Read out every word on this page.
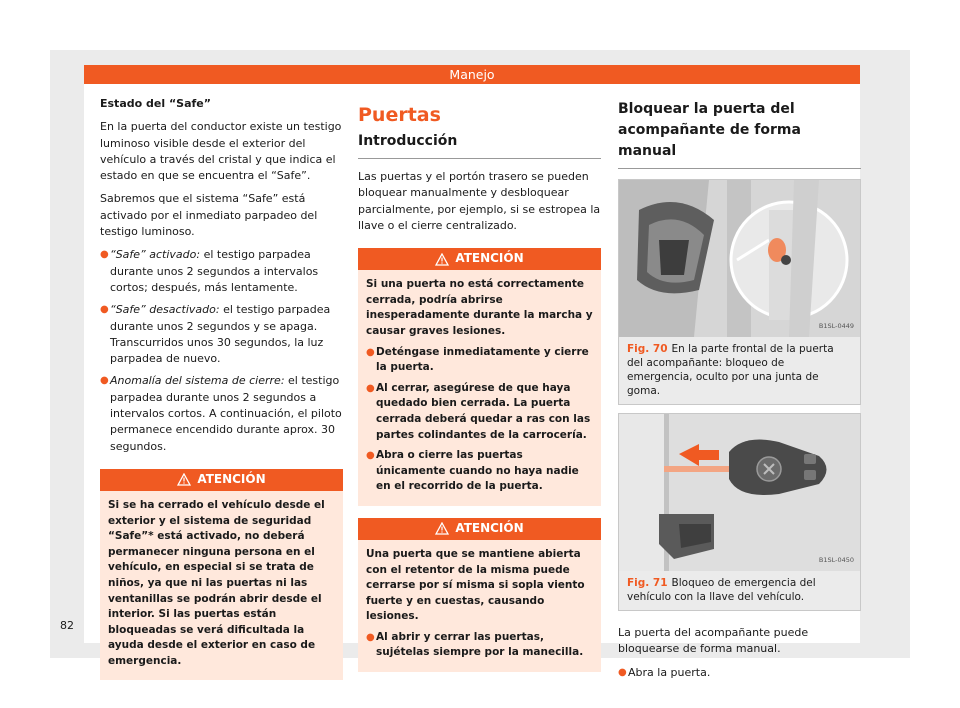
Manejo

Estado del “Safe”

En la puerta del conductor existe un testigo luminoso visible desde el exterior del vehículo a través del cristal y que indica el estado en que se encuentra el “Safe”.

Sabremos que el sistema “Safe” está activado por el inmediato parpadeo del testigo luminoso.

● “Safe” activado: el testigo parpadea durante unos 2 segundos a intervalos cortos; después, más lentamente.
● “Safe” desactivado: el testigo parpadea durante unos 2 segundos y se apaga. Transcurridos unos 30 segundos, la luz parpadea de nuevo.
● Anomalía del sistema de cierre: el testigo parpadea durante unos 2 segundos a intervalos cortos. A continuación, el piloto permanece encendido durante aprox. 30 segundos.
ATENCIÓN

Si se ha cerrado el vehículo desde el exterior y el sistema de seguridad “Safe”* está activado, no deberá permanecer ninguna persona en el vehículo, en especial si se trata de niños, ya que ni las puertas ni las ventanillas se podrán abrir desde el interior. Si las puertas están bloqueadas se verá dificultada la ayuda desde el exterior en caso de emergencia.

Puertas
Introducción

Las puertas y el portón trasero se pueden bloquear manualmente y desbloquear parcialmente, por ejemplo, si se estropea la llave o el cierre centralizado.

ATENCIÓN

Si una puerta no está correctamente cerrada, podría abrirse inesperadamente durante la marcha y causar graves lesiones.

● Deténgase inmediatamente y cierre la puerta.
● Al cerrar, asegúrese de que haya quedado bien cerrada. La puerta cerrada deberá quedar a ras con las partes colindantes de la carrocería.
● Abra o cierre las puertas únicamente cuando no haya nadie en el recorrido de la puerta.
ATENCIÓN

Una puerta que se mantiene abierta con el retentor de la misma puede cerrarse por sí misma si sopla viento fuerte y en cuestas, causando lesiones.

● Al abrir y cerrar las puertas, sujételas siempre por la manecilla.
Bloquear la puerta del acompañante de forma manual
B1SL-0449
Fig. 70 En la parte frontal de la puerta del acompañante: bloqueo de emergencia, oculto por una junta de goma.
B1SL-0450
Fig. 71 Bloqueo de emergencia del vehículo con la llave del vehículo.

La puerta del acompañante puede bloquearse de forma manual.

● Abra la puerta.
82
